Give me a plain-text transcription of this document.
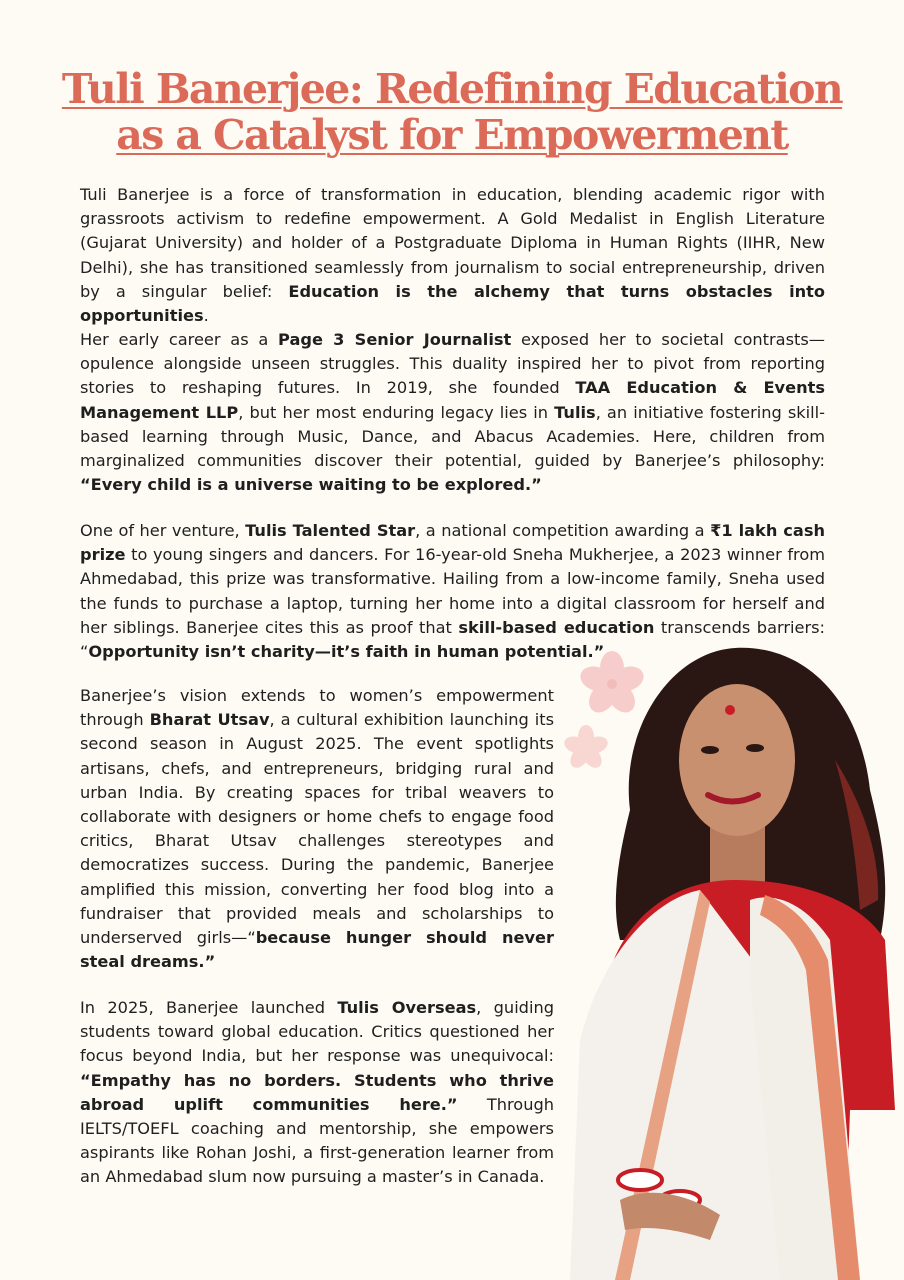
Tuli Banerjee: Redefining Education as a Catalyst for Empowerment

Tuli Banerjee is a force of transformation in education, blending academic rigor with grassroots activism to redefine empowerment. A Gold Medalist in English Literature (Gujarat University) and holder of a Postgraduate Diploma in Human Rights (IIHR, New Delhi), she has transitioned seamlessly from journalism to social entrepreneurship, driven by a singular belief: Education is the alchemy that turns obstacles into opportunities.

Her early career as a Page 3 Senior Journalist exposed her to societal contrasts—opulence alongside unseen struggles. This duality inspired her to pivot from reporting stories to reshaping futures. In 2019, she founded TAA Education & Events Management LLP, but her most enduring legacy lies in Tulis, an initiative fostering skill-based learning through Music, Dance, and Abacus Academies. Here, children from marginalized communities discover their potential, guided by Banerjee’s philosophy: “Every child is a universe waiting to be explored.”

One of her venture, Tulis Talented Star, a national competition awarding a ₹1 lakh cash prize to young singers and dancers. For 16-year-old Sneha Mukherjee, a 2023 winner from Ahmedabad, this prize was transformative. Hailing from a low-income family, Sneha used the funds to purchase a laptop, turning her home into a digital classroom for herself and her siblings. Banerjee cites this as proof that skill-based education transcends barriers: “Opportunity isn’t charity—it’s faith in human potential.”

Banerjee’s vision extends to women’s empowerment through Bharat Utsav, a cultural exhibition launching its second season in August 2025. The event spotlights artisans, chefs, and entrepreneurs, bridging rural and urban India. By creating spaces for tribal weavers to collaborate with designers or home chefs to engage food critics, Bharat Utsav challenges stereotypes and democratizes success. During the pandemic, Banerjee amplified this mission, converting her food blog into a fundraiser that provided meals and scholarships to underserved girls—“because hunger should never steal dreams.”

In 2025, Banerjee launched Tulis Overseas, guiding students toward global education. Critics questioned her focus beyond India, but her response was unequivocal: “Empathy has no borders. Students who thrive abroad uplift communities here.” Through IELTS/TOEFL coaching and mentorship, she empowers aspirants like Rohan Joshi, a first-generation learner from an Ahmedabad slum now pursuing a master’s in Canada.
